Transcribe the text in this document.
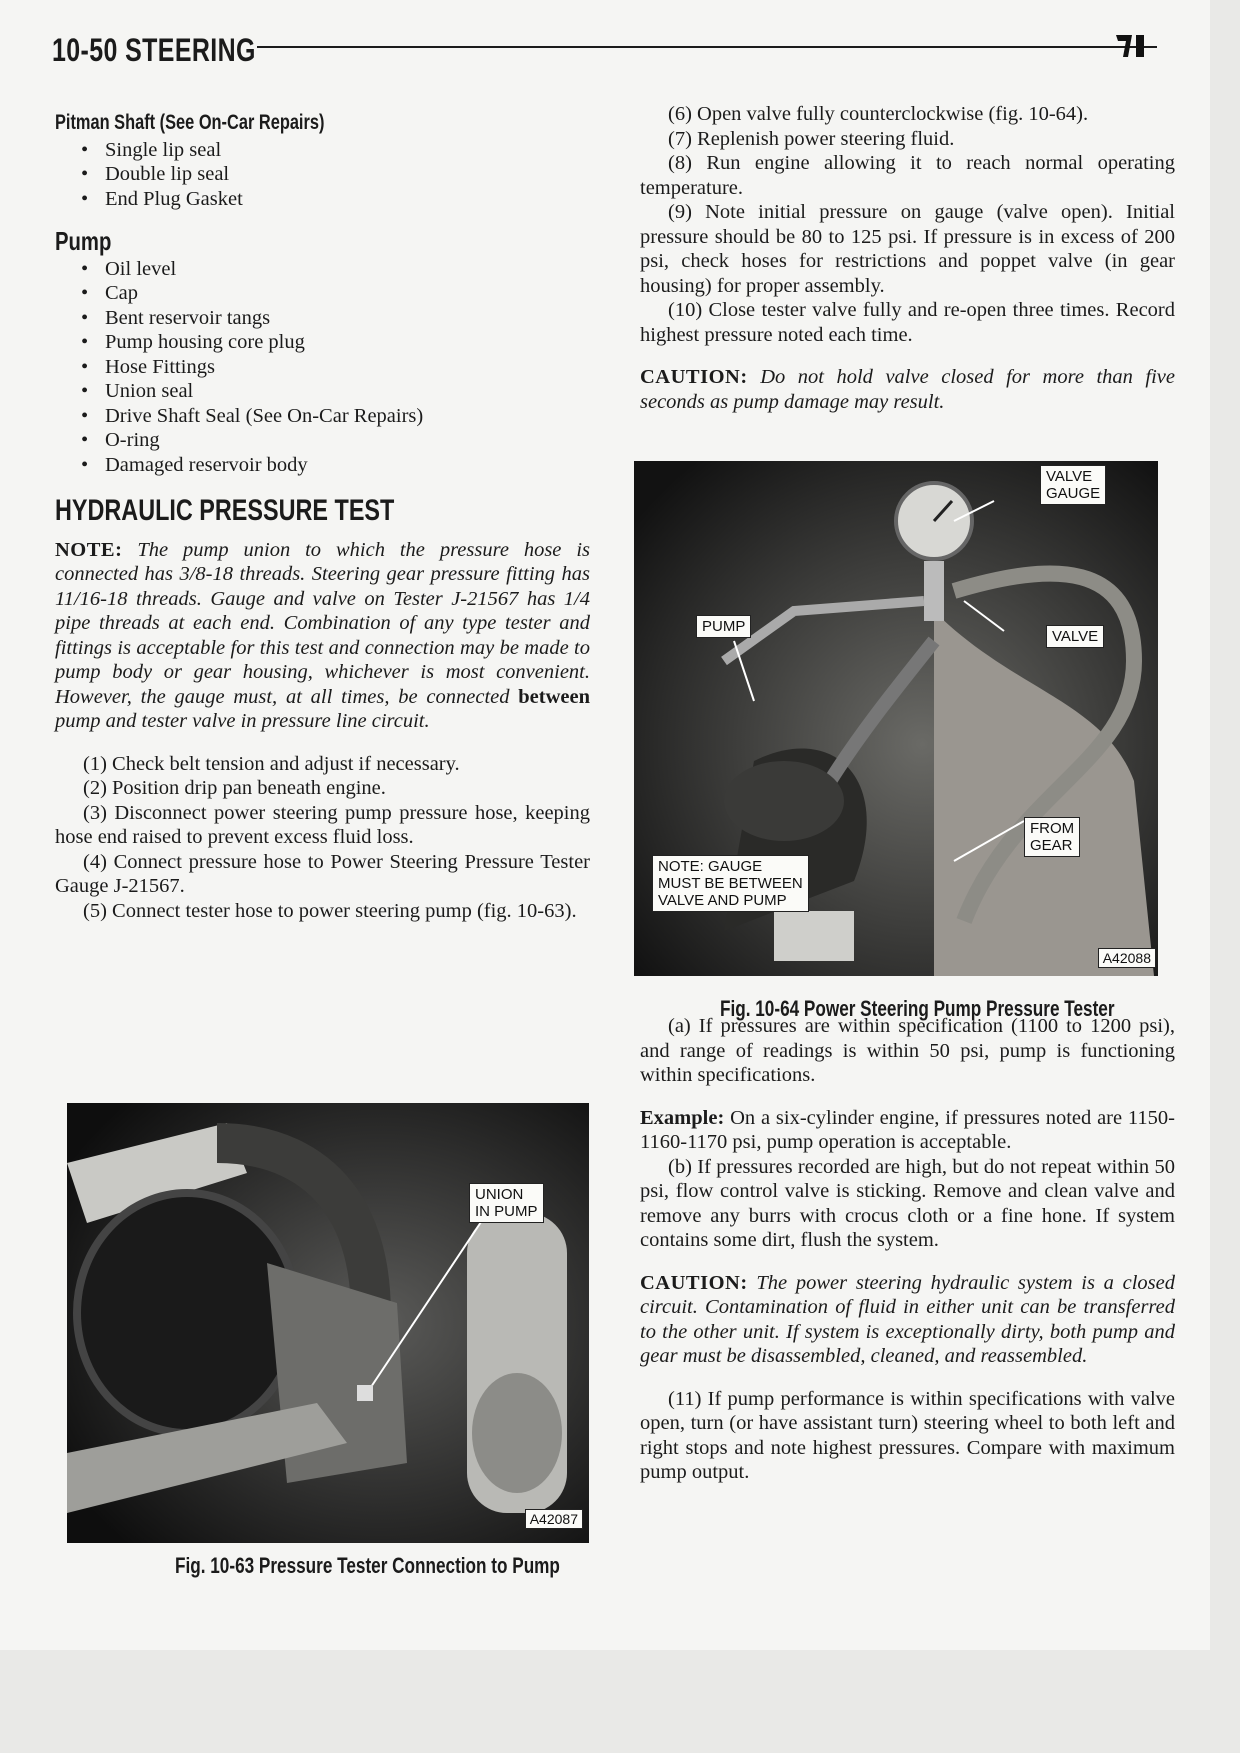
10-50 STEERING
Pitman Shaft (See On-Car Repairs)
• Single lip seal
• Double lip seal
• End Plug Gasket
Pump
• Oil level
• Cap
• Bent reservoir tangs
• Pump housing core plug
• Hose Fittings
• Union seal
• Drive Shaft Seal (See On-Car Repairs)
• O-ring
• Damaged reservoir body
HYDRAULIC PRESSURE TEST

NOTE: The pump union to which the pressure hose is connected has 3/8-18 threads. Steering gear pressure fitting has 11/16-18 threads. Gauge and valve on Tester J-21567 has 1/4 pipe threads at each end. Combination of any type tester and fittings is acceptable for this test and connection may be made to pump body or gear housing, whichever is most convenient. However, the gauge must, at all times, be connected between pump and tester valve in pressure line circuit.

(1) Check belt tension and adjust if necessary.

(2) Position drip pan beneath engine.

(3) Disconnect power steering pump pressure hose, keeping hose end raised to prevent excess fluid loss.

(4) Connect pressure hose to Power Steering Pressure Tester Gauge J-21567.

(5) Connect tester hose to power steering pump (fig. 10-63).

(6) Open valve fully counterclockwise (fig. 10-64).

(7) Replenish power steering fluid.

(8) Run engine allowing it to reach normal operating temperature.

(9) Note initial pressure on gauge (valve open). Initial pressure should be 80 to 125 psi. If pressure is in excess of 200 psi, check hoses for restrictions and poppet valve (in gear housing) for proper assembly.

(10) Close tester valve fully and re-open three times. Record highest pressure noted each time.

CAUTION: Do not hold valve closed for more than five seconds as pump damage may result.

(a) If pressures are within specification (1100 to 1200 psi), and range of readings is within 50 psi, pump is functioning within specifications.

Example: On a six-cylinder engine, if pressures noted are 1150-1160-1170 psi, pump operation is acceptable.

(b) If pressures recorded are high, but do not repeat within 50 psi, flow control valve is sticking. Remove and clean valve and remove any burrs with crocus cloth or a fine hone. If system contains some dirt, flush the system.

CAUTION: The power steering hydraulic system is a closed circuit. Contamination of fluid in either unit can be transferred to the other unit. If system is exceptionally dirty, both pump and gear must be disassembled, cleaned, and reassembled.

(11) If pump performance is within specifications with valve open, turn (or have assistant turn) steering wheel to both left and right stops and note highest pressures. Compare with maximum pump output.

VALVE
GAUGE
PUMP
VALVE
FROM
GEAR
NOTE: GAUGE
MUST BE BETWEEN
VALVE AND PUMP
A42088
Fig. 10-64 Power Steering Pump Pressure Tester
UNION
IN PUMP
A42087
Fig. 10-63 Pressure Tester Connection to Pump
